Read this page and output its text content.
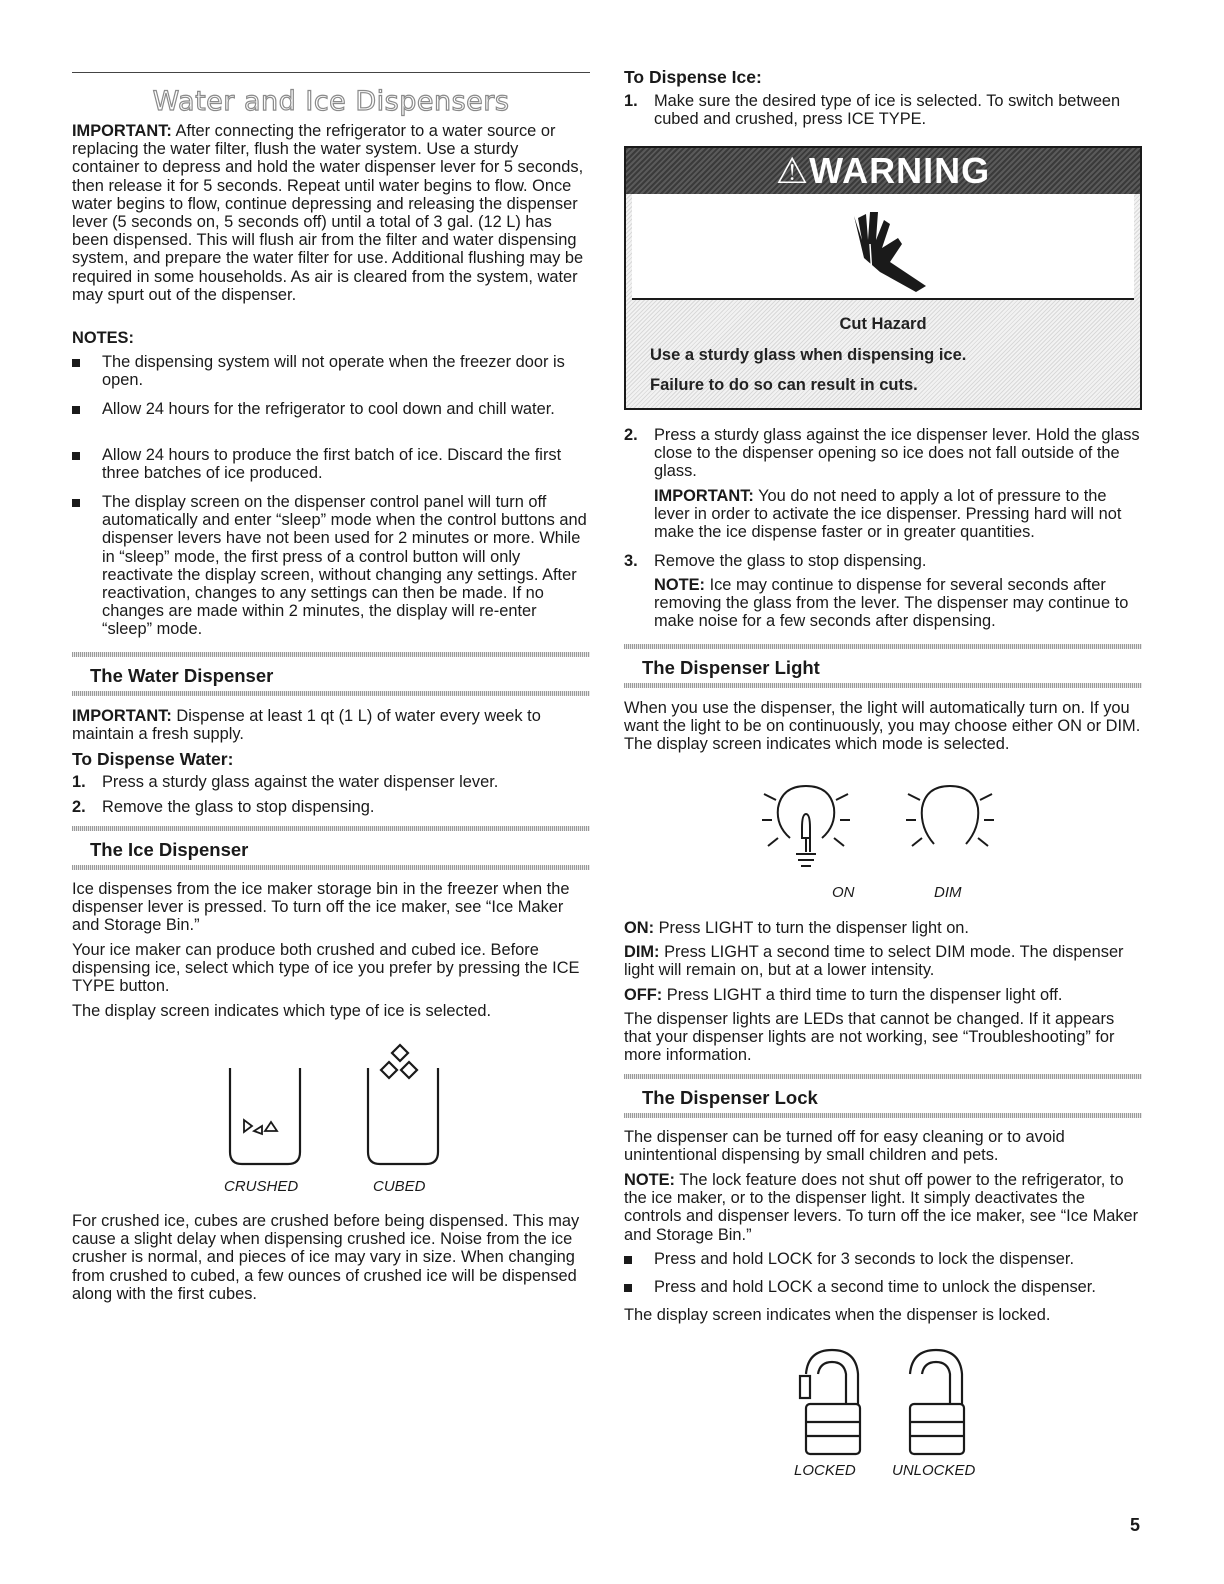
Water and Ice Dispensers

IMPORTANT: After connecting the refrigerator to a water source or replacing the water filter, flush the water system. Use a sturdy container to depress and hold the water dispenser lever for 5 seconds, then release it for 5 seconds. Repeat until water begins to flow. Once water begins to flow, continue depressing and releasing the dispenser lever (5 seconds on, 5 seconds off) until a total of 3 gal. (12 L) has been dispensed. This will flush air from the filter and water dispensing system, and prepare the water filter for use. Additional flushing may be required in some households. As air is cleared from the system, water may spurt out of the dispenser.

NOTES:

The dispensing system will not operate when the freezer door is open.

Allow 24 hours for the refrigerator to cool down and chill water.

Allow 24 hours to produce the first batch of ice. Discard the first three batches of ice produced.

The display screen on the dispenser control panel will turn off automatically and enter “sleep” mode when the control buttons and dispenser levers have not been used for 2 minutes or more. While in “sleep” mode, the first press of a control button will only reactivate the display screen, without changing any settings. After reactivation, changes to any settings can then be made. If no changes are made within 2 minutes, the display will re-enter “sleep” mode.

The Water Dispenser

IMPORTANT: Dispense at least 1 qt (1 L) of water every week to maintain a fresh supply.

To Dispense Water:

1. Press a sturdy glass against the water dispenser lever.

2. Remove the glass to stop dispensing.

The Ice Dispenser

Ice dispenses from the ice maker storage bin in the freezer when the dispenser lever is pressed. To turn off the ice maker, see “Ice Maker and Storage Bin.”

Your ice maker can produce both crushed and cubed ice. Before dispensing ice, select which type of ice you prefer by pressing the ICE TYPE button.

The display screen indicates which type of ice is selected.

CRUSHED	CUBED

For crushed ice, cubes are crushed before being dispensed. This may cause a slight delay when dispensing crushed ice. Noise from the ice crusher is normal, and pieces of ice may vary in size. When changing from crushed to cubed, a few ounces of crushed ice will be dispensed along with the first cubes.

To Dispense Ice:

1. Make sure the desired type of ice is selected. To switch between cubed and crushed, press ICE TYPE.

⚠WARNING
Cut Hazard
Use a sturdy glass when dispensing ice.
Failure to do so can result in cuts.
2. Press a sturdy glass against the ice dispenser lever. Hold the glass close to the dispenser opening so ice does not fall outside of the glass.

IMPORTANT: You do not need to apply a lot of pressure to the lever in order to activate the ice dispenser. Pressing hard will not make the ice dispense faster or in greater quantities.

3. Remove the glass to stop dispensing.

NOTE: Ice may continue to dispense for several seconds after removing the glass from the lever. The dispenser may continue to make noise for a few seconds after dispensing.

The Dispenser Light

When you use the dispenser, the light will automatically turn on. If you want the light to be on continuously, you may choose either ON or DIM. The display screen indicates which mode is selected.

ON	DIM

ON: Press LIGHT to turn the dispenser light on.

DIM: Press LIGHT a second time to select DIM mode. The dispenser light will remain on, but at a lower intensity.

OFF: Press LIGHT a third time to turn the dispenser light off.

The dispenser lights are LEDs that cannot be changed. If it appears that your dispenser lights are not working, see “Troubleshooting” for more information.

The Dispenser Lock

The dispenser can be turned off for easy cleaning or to avoid unintentional dispensing by small children and pets.

NOTE: The lock feature does not shut off power to the refrigerator, to the ice maker, or to the dispenser light. It simply deactivates the controls and dispenser levers. To turn off the ice maker, see “Ice Maker and Storage Bin.”

Press and hold LOCK for 3 seconds to lock the dispenser.

Press and hold LOCK a second time to unlock the dispenser.

The display screen indicates when the dispenser is locked.

LOCKED UNLOCKED
5
